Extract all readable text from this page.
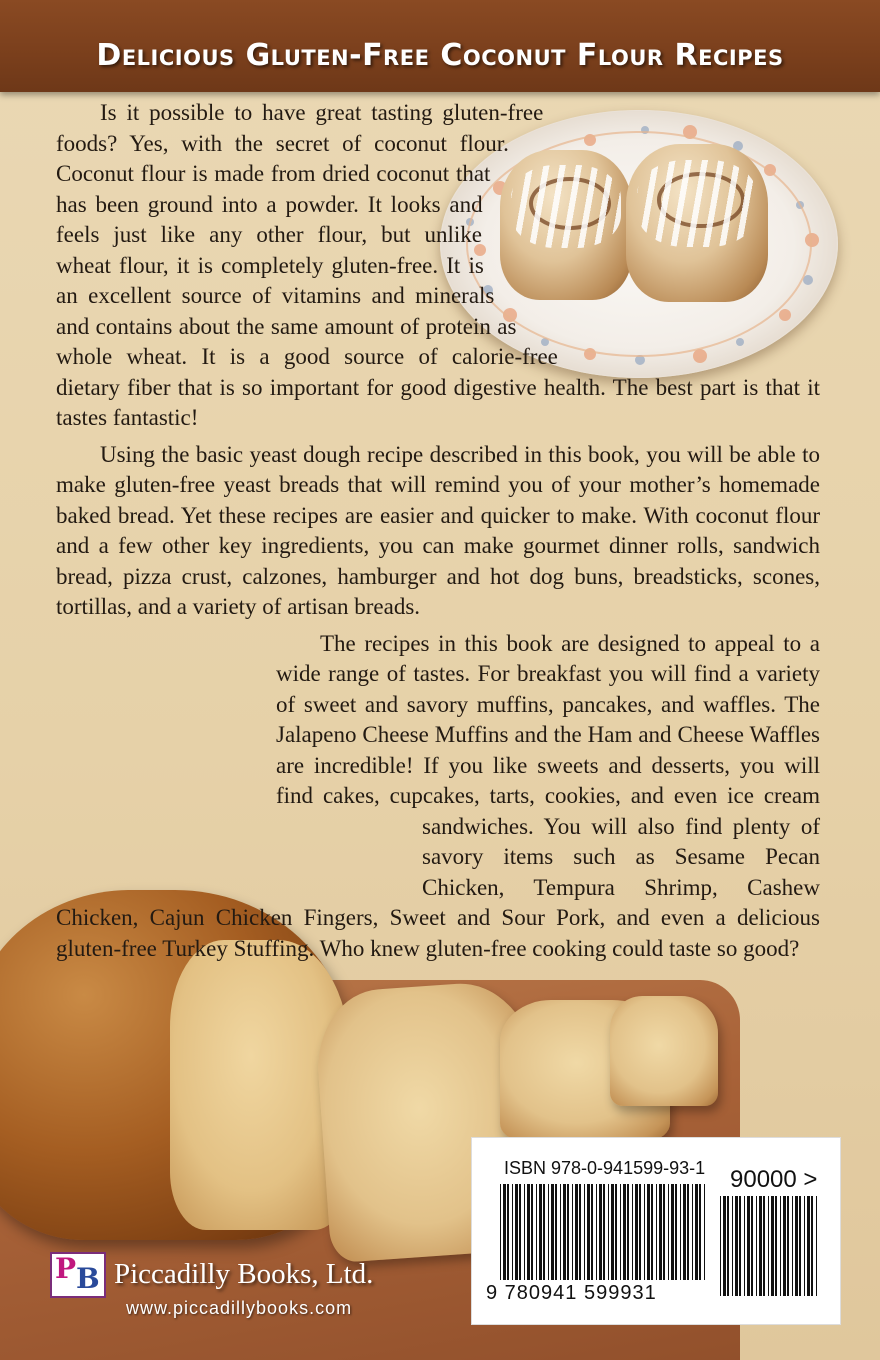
Delicious Gluten-Free Coconut Flour Recipes

Is it possible to have great tasting gluten-free foods? Yes, with the secret of coconut flour. Coconut flour is made from dried coconut that has been ground into a powder. It looks and feels just like any other flour, but unlike wheat flour, it is completely gluten-free. It is an excellent source of vitamins and minerals and contains about the same amount of protein as whole wheat. It is a good source of calorie-free dietary fiber that is so important for good digestive health. The best part is that it tastes fantastic!

Using the basic yeast dough recipe described in this book, you will be able to make gluten-free yeast breads that will remind you of your mother’s homemade baked bread. Yet these recipes are easier and quicker to make. With coconut flour and a few other key ingredients, you can make gourmet dinner rolls, sandwich bread, pizza crust, calzones, hamburger and hot dog buns, breadsticks, scones, tortillas, and a variety of artisan breads.

The recipes in this book are designed to appeal to a wide range of tastes. For breakfast you will find a variety of sweet and savory muffins, pancakes, and waffles. The Jalapeno Cheese Muffins and the Ham and Cheese Waffles are incredible! If you like sweets and desserts, you will find cakes, cupcakes, tarts, cookies, and even ice cream sandwiches. You will also find plenty of savory items such as Sesame Pecan Chicken, Tempura Shrimp, Cashew Chicken, Cajun Chicken Fingers, Sweet and Sour Pork, and even a delicious gluten-free Turkey Stuffing. Who knew gluten-free cooking could taste so good?

ISBN 978-0-941599-93-1 90000 >
9 780941 599931
P B Piccadilly Books, Ltd.
www.piccadillybooks.com
